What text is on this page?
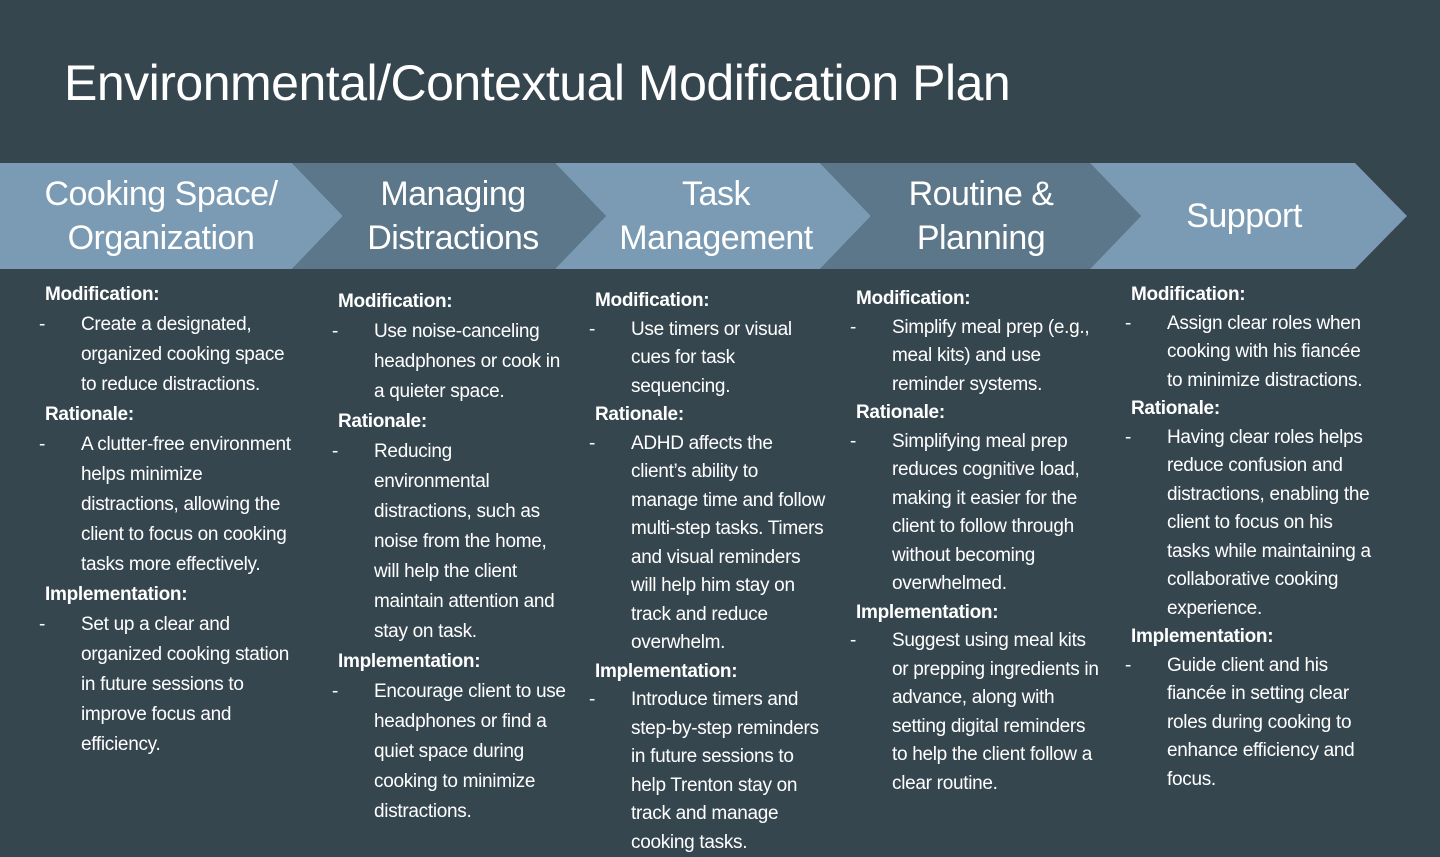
Environmental/Contextual Modification Plan
Cooking Space/
Organization
Managing
Distractions
Task
Management
Routine &
Planning
Support
Modification:
- Create a designated, organized cooking space to reduce distractions.
Rationale:
- A clutter-free environment helps minimize distractions, allowing the client to focus on cooking tasks more effectively.
Implementation:
- Set up a clear and organized cooking station in future sessions to improve focus and efficiency.
Modification:
- Use noise-canceling headphones or cook in a quieter space.
Rationale:
- Reducing environmental distractions, such as noise from the home, will help the client maintain attention and stay on task.
Implementation:
- Encourage client to use headphones or find a quiet space during cooking to minimize distractions.
Modification:
- Use timers or visual cues for task sequencing.
Rationale:
- ADHD affects the client’s ability to manage time and follow multi-step tasks. Timers and visual reminders will help him stay on track and reduce overwhelm.
Implementation:
- Introduce timers and step-by-step reminders in future sessions to help Trenton stay on track and manage cooking tasks.
Modification:
- Simplify meal prep (e.g., meal kits) and use reminder systems.
Rationale:
- Simplifying meal prep reduces cognitive load, making it easier for the client to follow through without becoming overwhelmed.
Implementation:
- Suggest using meal kits or prepping ingredients in advance, along with setting digital reminders to help the client follow a clear routine.
Modification:
- Assign clear roles when cooking with his fiancée to minimize distractions.
Rationale:
- Having clear roles helps reduce confusion and distractions, enabling the client to focus on his tasks while maintaining a collaborative cooking experience.
Implementation:
- Guide client and his fiancée in setting clear roles during cooking to enhance efficiency and focus.
